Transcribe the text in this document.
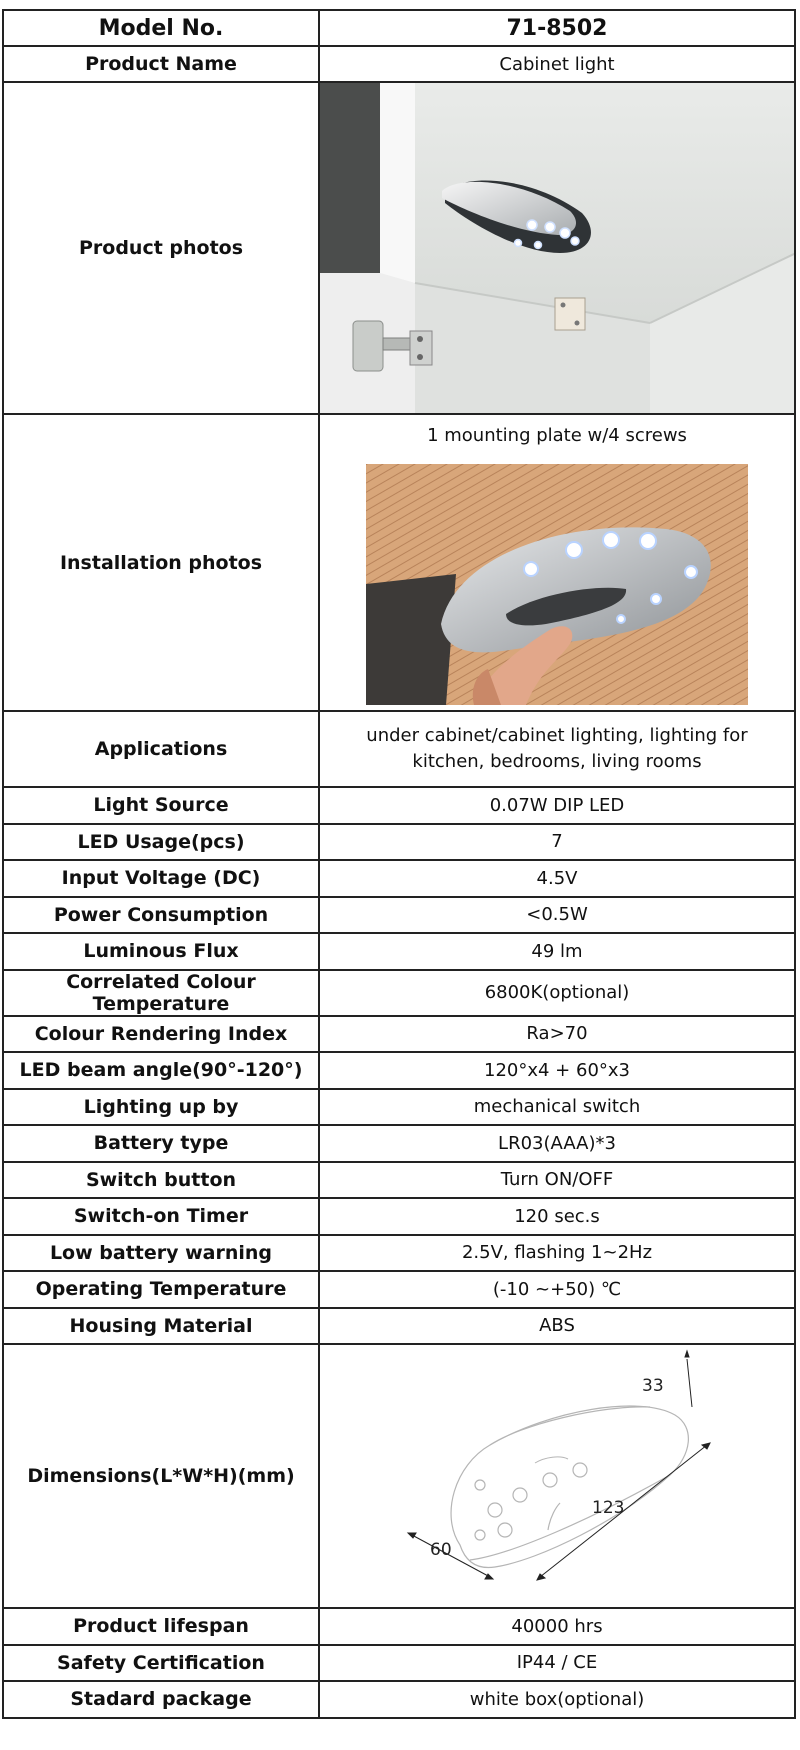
Model No.	71-8502
Product Name	Cabinet light
Product photos	

Installation photos	1 mounting plate w/4 screws

Applications	under cabinet/cabinet lighting, lighting for kitchen, bedrooms, living rooms

Light Source	0.07W DIP LED
LED Usage(pcs)	7
Input Voltage (DC)	4.5V
Power Consumption	<0.5W
Luminous Flux	49 lm
Correlated Colour Temperature	6800K(optional)
Colour Rendering Index	Ra>70
LED beam angle(90°-120°)	120°x4 + 60°x3
Lighting up by	mechanical switch
Battery type	LR03(AAA)*3
Switch button	Turn ON/OFF
Switch-on Timer	120 sec.s
Low battery warning	2.5V, flashing 1~2Hz
Operating Temperature	(-10 ~+50) ℃
Housing Material	ABS
Dimensions(L*W*H)(mm)	33
123
60

Product lifespan	40000 hrs
Safety Certification	IP44 / CE
Stadard package	white box(optional)
